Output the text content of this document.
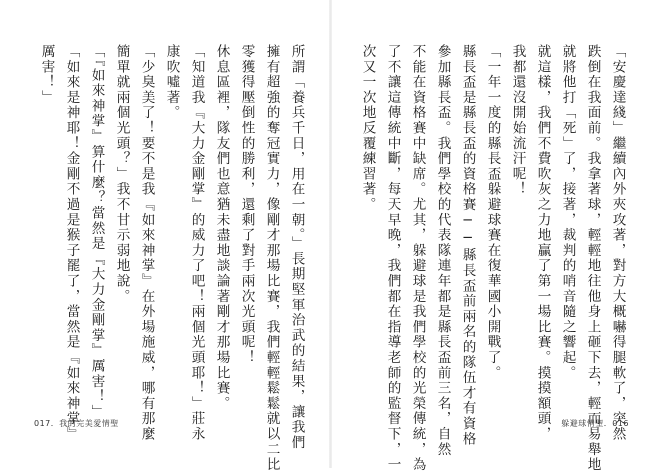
所謂「養兵千日，用在一朝。」長期堅軍治武的結果，讓我們
擁有超強的奪冠實力，像剛才那場比賽，我們輕輕鬆鬆就以二比
零獲得壓倒性的勝利，還剩了對手兩次光頭呢！
休息區裡，隊友們也意猶未盡地談論著剛才那場比賽。
「知道我『大力金剛掌』的威力了吧！兩個光頭耶！」莊永
康吹噓著。
「少臭美了！要不是我『如來神掌』在外場施威，哪有那麼
簡單就兩個光頭？」我不甘示弱地說。
「『如來神掌』算什麼？當然是『大力金剛掌』厲害！」
「如來是神耶！金剛不過是猴子罷了，當然是『如來神掌』
厲害！」
017．我的完美愛情聖	「安慶達綫」繼續內外夾攻著，對方大概嚇得腿軟了，突然
跌倒在我面前。我拿著球，輕輕地往他身上砸下去，輕而易舉地
就將他打「死」了，接著，裁判的哨音隨之響起。
就這樣，我們不費吹灰之力地贏了第一場比賽。摸摸額頭，
我都還沒開始流汗呢！
「一年一度的縣長盃躲避球賽在復華國小開戰了。
縣長盃是縣長盃的資格賽──縣長盃前兩名的隊伍才有資格
參加縣長盃。我們學校的代表隊連年都是縣長盃前三名，自然
不能在資格賽中缺席。尤其，躲避球是我們學校的光榮傳統，為
了不讓這傳統中斷，每天早晚，我們都在指導老師的監督下，一
次又一次地反覆練習著。
躲避球情聖．016
